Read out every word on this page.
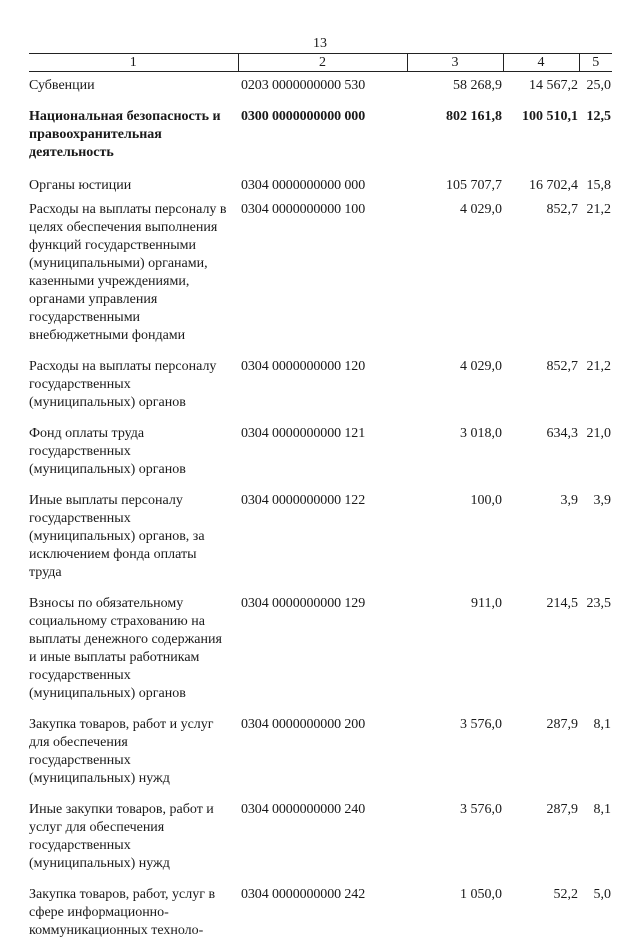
13
1	2	3	4	5
Субвенции	0203 0000000000 530	58 268,9	14 567,2	25,0
Национальная безопасность и правоохранительная деятельность	0300 0000000000 000	802 161,8	100 510,1	12,5
Органы юстиции	0304 0000000000 000	105 707,7	16 702,4	15,8
Расходы на выплаты персоналу в целях обеспечения выполнения функций государственными (муниципальными) органами, казенными учреждениями, органами управления государственными внебюджетными фондами	0304 0000000000 100	4 029,0	852,7	21,2
Расходы на выплаты персоналу государственных (муниципальных) органов	0304 0000000000 120	4 029,0	852,7	21,2
Фонд оплаты труда государственных (муниципальных) органов	0304 0000000000 121	3 018,0	634,3	21,0
Иные выплаты персоналу государственных (муниципальных) органов, за исключением фонда оплаты труда	0304 0000000000 122	100,0	3,9	3,9
Взносы по обязательному социальному страхованию на выплаты денежного содержания и иные выплаты работникам государственных (муниципальных) органов	0304 0000000000 129	911,0	214,5	23,5
Закупка товаров, работ и услуг для обеспечения государственных (муниципальных) нужд	0304 0000000000 200	3 576,0	287,9	8,1
Иные закупки товаров, работ и услуг для обеспечения государственных (муниципальных) нужд	0304 0000000000 240	3 576,0	287,9	8,1
Закупка товаров, работ, услуг в сфере информационно-коммуникационных техноло-	0304 0000000000 242	1 050,0	52,2	5,0
